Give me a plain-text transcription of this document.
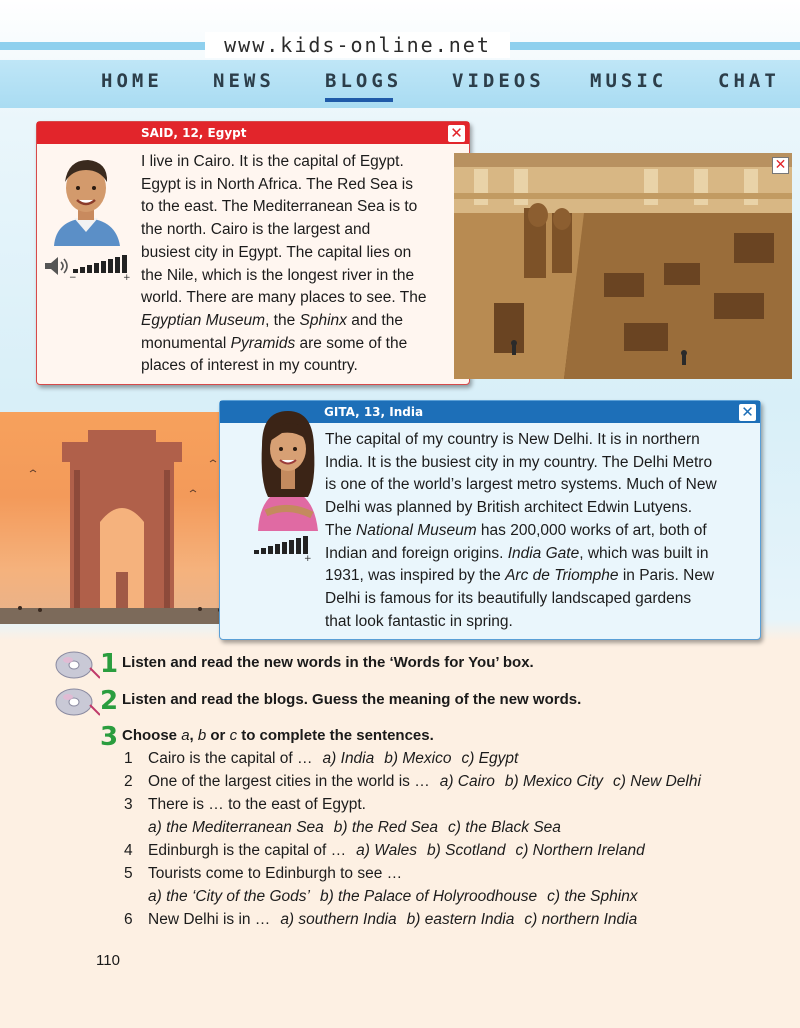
www.kids-online.net
HOME	NEWS	BLOGS	VIDEOS MUSIC	CHAT
SAID, 12, Egypt	✕
−	+
I live in Cairo. It is the capital of Egypt.
Egypt is in North Africa. The Red Sea is
to the east. The Mediterranean Sea is to
the north. Cairo is the largest and
busiest city in Egypt. The capital lies on
the Nile, which is the longest river in the
world. There are many places to see. The
Egyptian Museum, the Sphinx and the
monumental Pyramids are some of the
places of interest in my country.
✕
GITA, 13, India	✕
+
The capital of my country is New Delhi. It is in northern
India. It is the busiest city in my country. The Delhi Metro
is one of the world’s largest metro systems. Much of New
Delhi was planned by British architect Edwin Lutyens.
The National Museum has 200,000 works of art, both of
Indian and foreign origins. India Gate, which was built in
1931, was inspired by the Arc de Triomphe in Paris. New
Delhi is famous for its beautifully landscaped gardens
that look fantastic in spring.
1 Listen and read the new words in the ‘Words for You’ box.
2 Listen and read the blogs. Guess the meaning of the new words.
3 Choose a, b or c to complete the sentences.
1 Cairo is the capital of … a) India b) Mexico c) Egypt
2 One of the largest cities in the world is … a) Cairo b) Mexico City c) New Delhi
3 There is … to the east of Egypt.
a) the Mediterranean Sea b) the Red Sea c) the Black Sea
4 Edinburgh is the capital of … a) Wales b) Scotland c) Northern Ireland
5 Tourists come to Edinburgh to see …
a) the ‘City of the Gods’ b) the Palace of Holyroodhouse c) the Sphinx
6 New Delhi is in … a) southern India b) eastern India c) northern India
110
